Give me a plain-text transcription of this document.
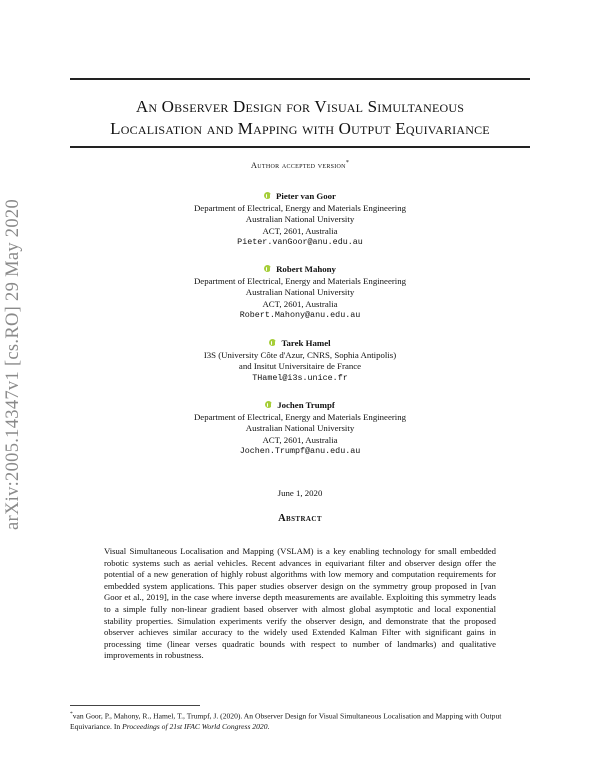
arXiv:2005.14347v1 [cs.RO] 29 May 2020
An Observer Design for Visual Simultaneous
Localisation and Mapping with Output Equivariance
Author accepted version*
Pieter van Goor
Department of Electrical, Energy and Materials Engineering
Australian National University
ACT, 2601, Australia
Pieter.vanGoor@anu.edu.au
Robert Mahony
Department of Electrical, Energy and Materials Engineering
Australian National University
ACT, 2601, Australia
Robert.Mahony@anu.edu.au
Tarek Hamel
I3S (University Côte d'Azur, CNRS, Sophia Antipolis)
and Insitut Universitaire de France
THamel@i3s.unice.fr
Jochen Trumpf
Department of Electrical, Energy and Materials Engineering
Australian National University
ACT, 2601, Australia
Jochen.Trumpf@anu.edu.au
June 1, 2020
Abstract
Visual Simultaneous Localisation and Mapping (VSLAM) is a key enabling technology for small embedded robotic systems such as aerial vehicles. Recent advances in equivariant filter and observer design offer the potential of a new generation of highly robust algorithms with low memory and computation requirements for embedded system applications. This paper studies observer design on the symmetry group proposed in [van Goor et al., 2019], in the case where inverse depth measurements are available. Exploiting this symmetry leads to a simple fully non-linear gradient based observer with almost global asymptotic and local exponential stability properties. Simulation experiments verify the observer design, and demonstrate that the proposed observer achieves similar accuracy to the widely used Extended Kalman Filter with significant gains in processing time (linear verses quadratic bounds with respect to number of landmarks) and qualitative improvements in robustness.
*van Goor, P., Mahony, R., Hamel, T., Trumpf, J. (2020). An Observer Design for Visual Simultaneous Localisation and Mapping with Output Equivariance. In Proceedings of 21st IFAC World Congress 2020.
